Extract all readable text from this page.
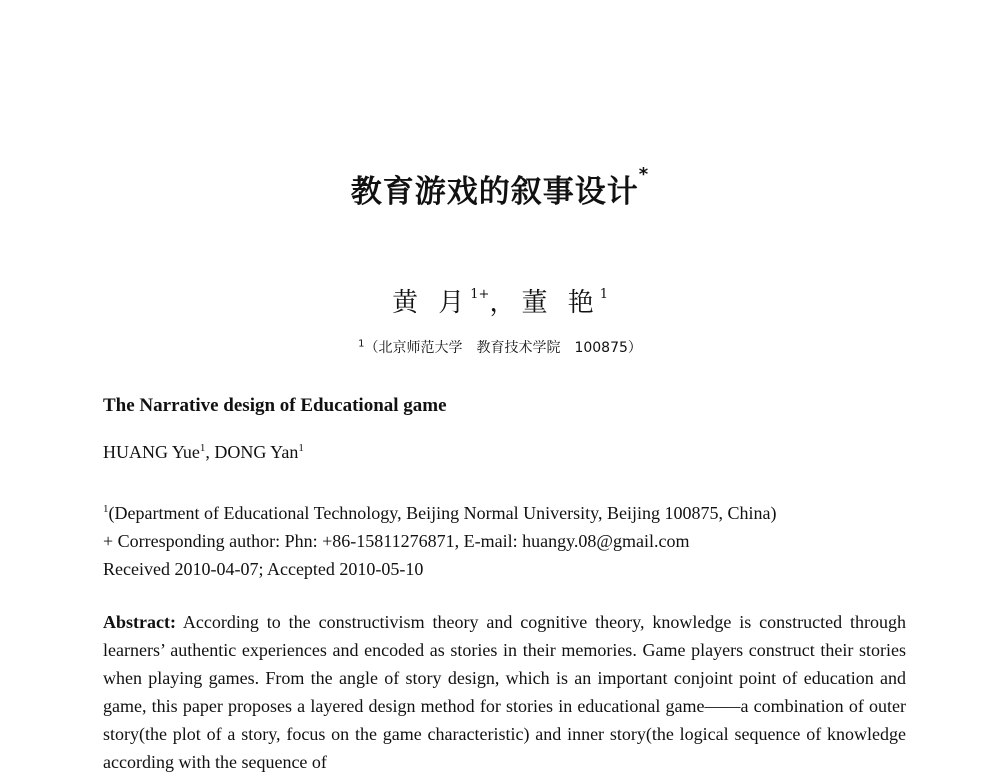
教育游戏的叙事设计*
黄 月$^{1+}$，董 艳$^1$
$^1$（北京师范大学 教育技术学院 100875）
The Narrative design of Educational game
HUANG Yue$^1$, DONG Yan$^1$
$^1$(Department of Educational Technology, Beijing Normal University, Beijing 100875, China)
+ Corresponding author: Phn: +86-15811276871, E-mail: huangy.08@gmail.com
Received 2010-04-07; Accepted 2010-05-10
Abstract: According to the constructivism theory and cognitive theory, knowledge is constructed through learners’ authentic experiences and encoded as stories in their memories. Game players construct their stories when playing games. From the angle of story design, which is an important conjoint point of education and game, this paper proposes a layered design method for stories in educational game——a combination of outer story(the plot of a story, focus on the game characteristic) and inner story(the logical sequence of knowledge according with the sequence of
